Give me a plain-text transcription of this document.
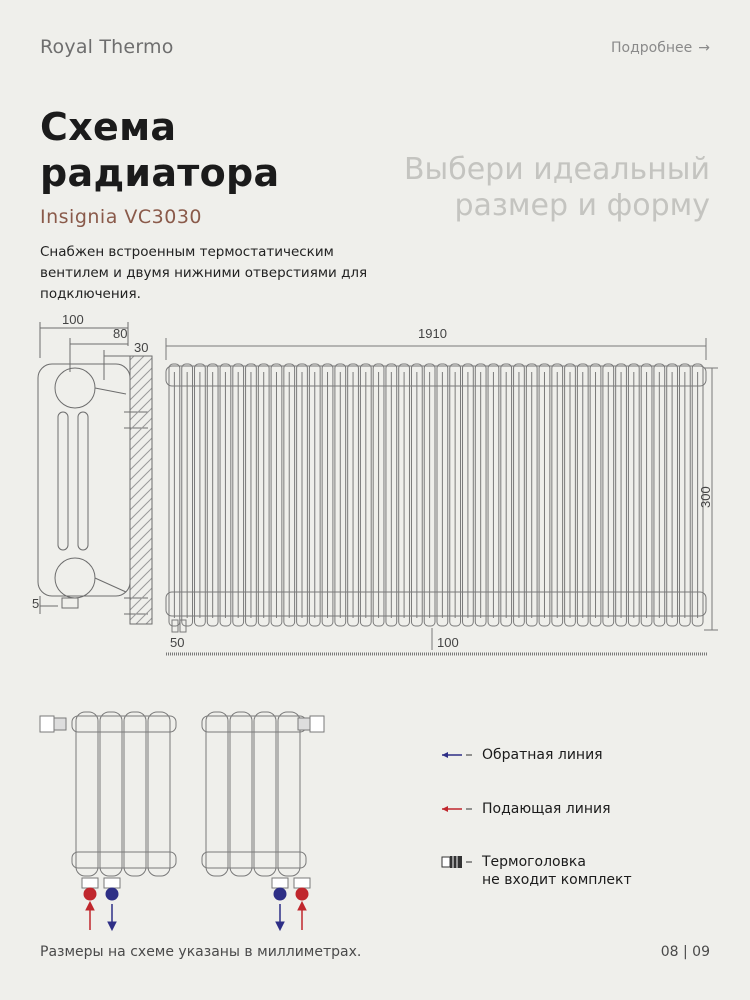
Royal Thermo	Подробнее →
Схема радиатора	Выбери идеальный размер и форму
Insignia VC3030
Снабжен встроенным термостатическим вентилем и двумя нижними отверстиями для подключения.
100
80
30
1910
300
5
50	100
Обратная линия
Подающая линия
Термоголовка
не входит комплект
Размеры на схеме указаны в миллиметрах.	08 | 09
